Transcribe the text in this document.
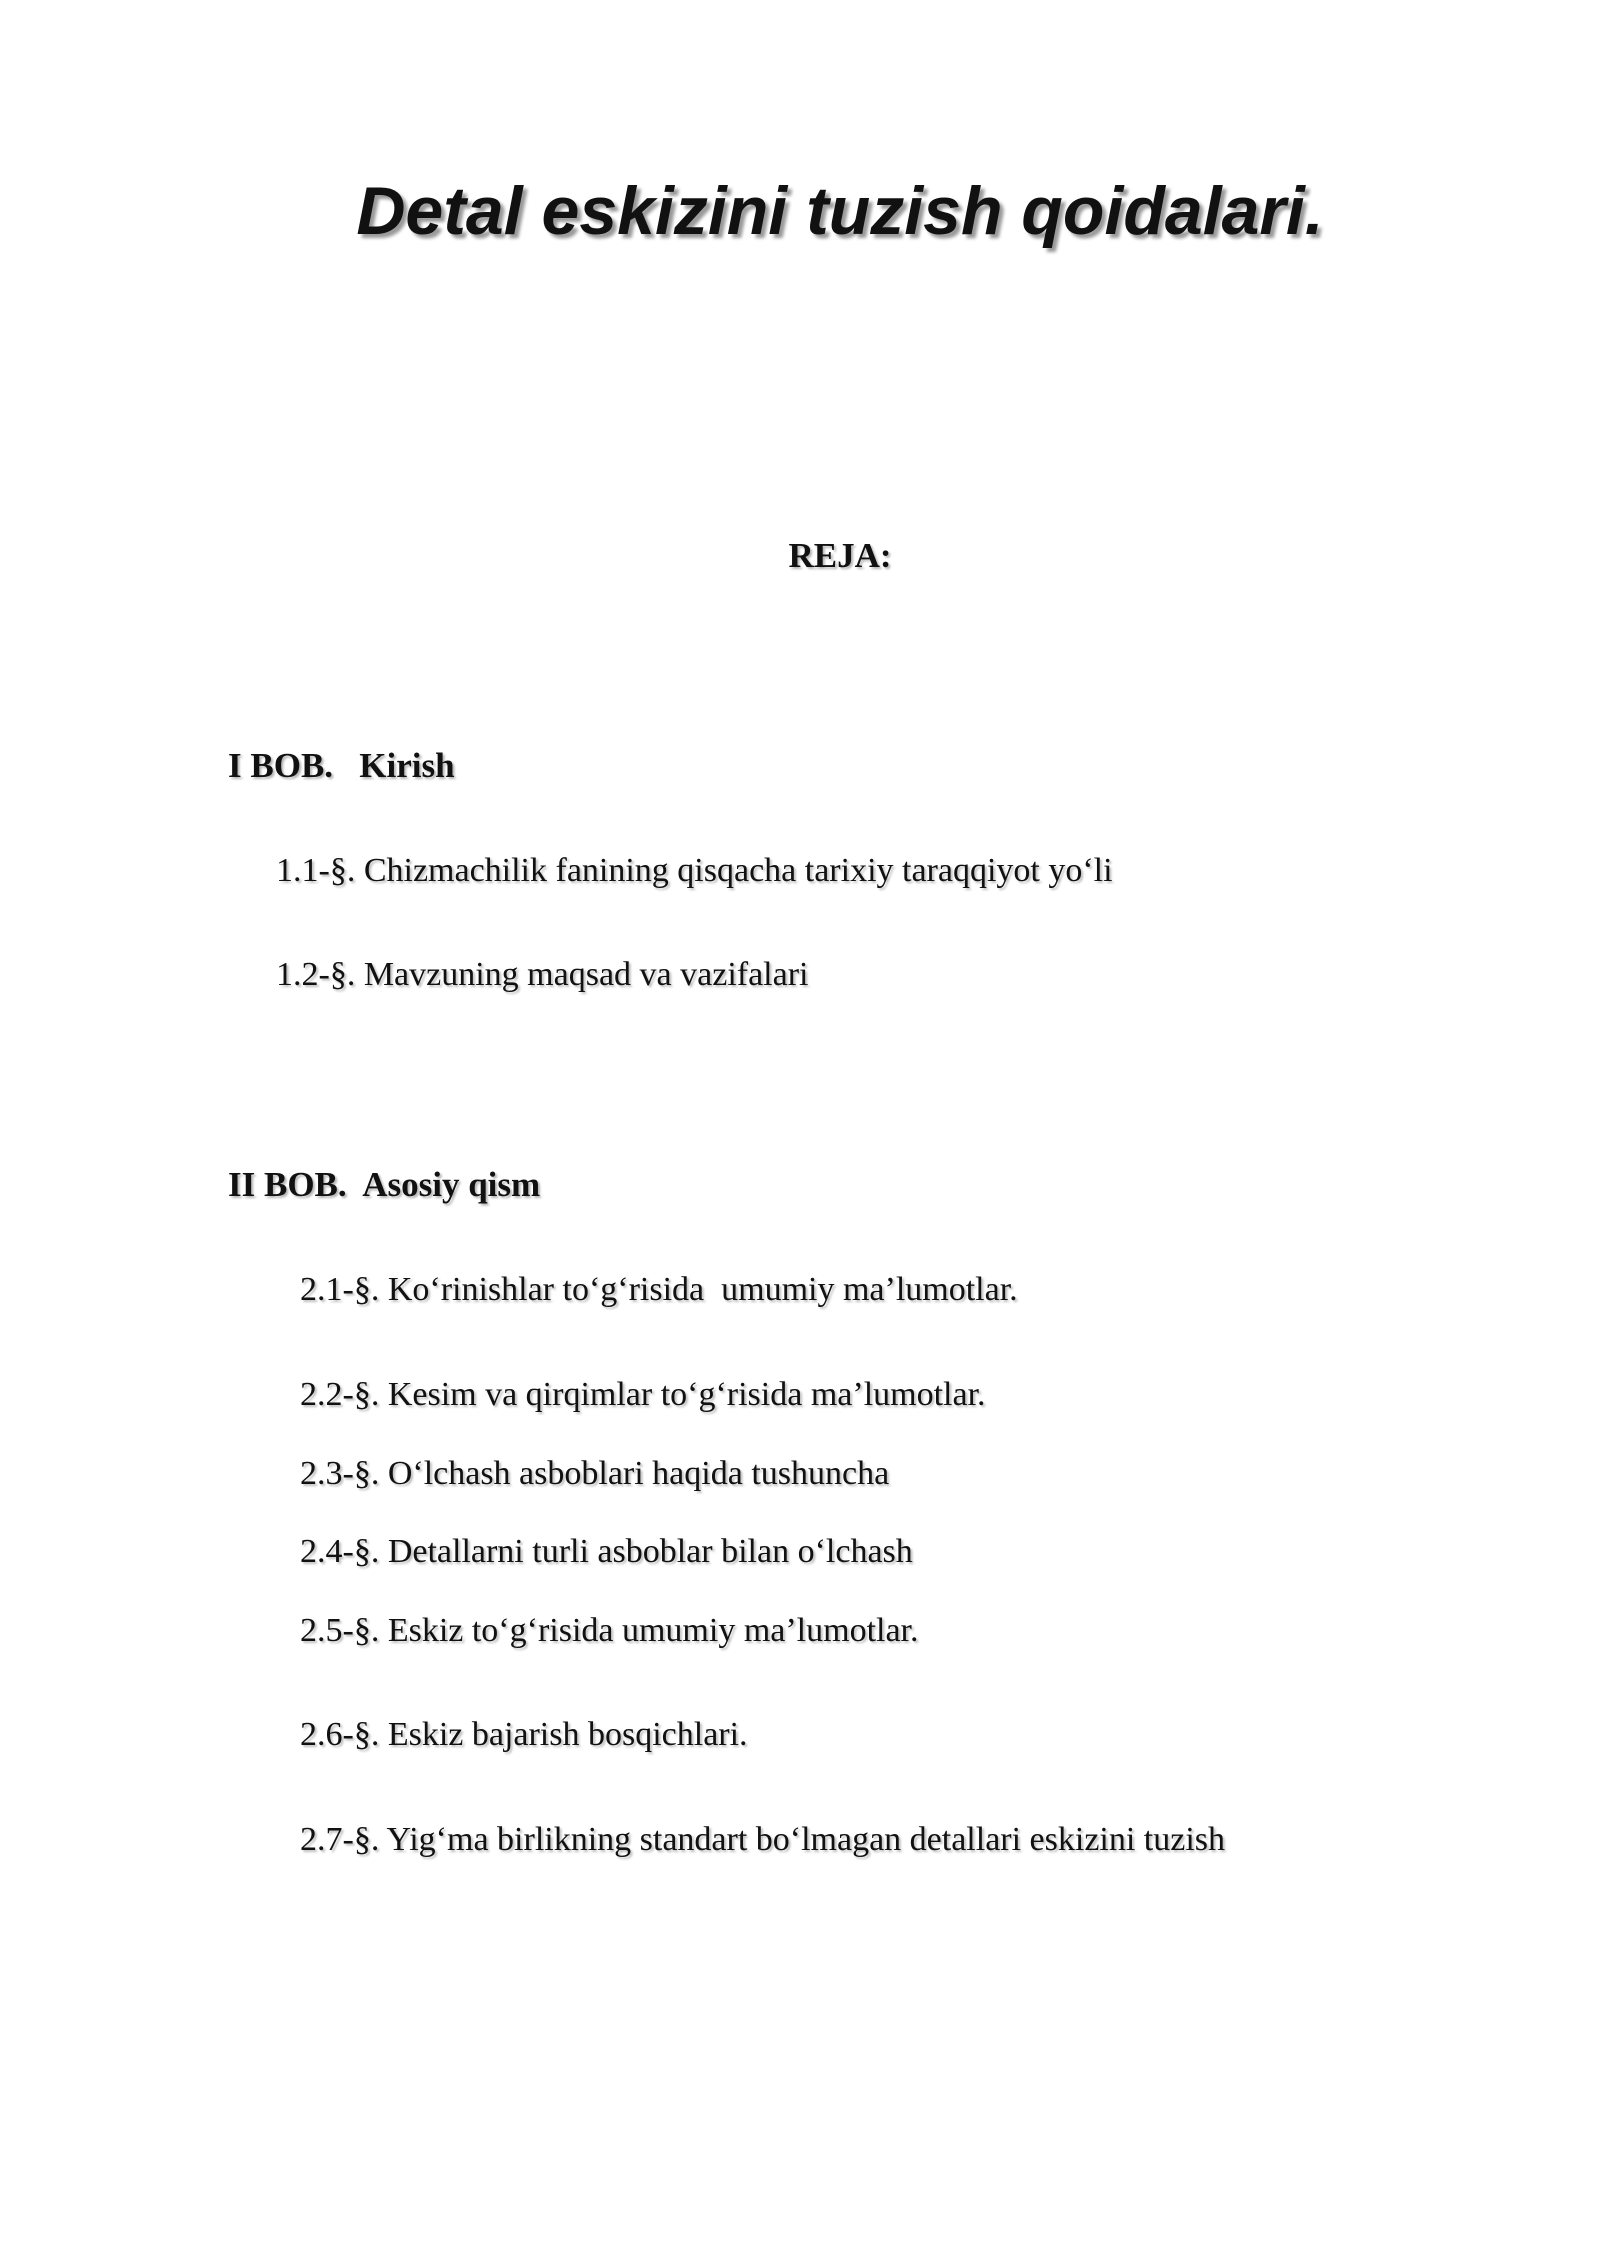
Detal eskizini tuzish qoidalari.
REJA:
I BOB.   Kirish
1.1-§. Chizmachilik fanining qisqacha tarixiy taraqqiyot yo‘li
1.2-§. Mavzuning maqsad va vazifalari
II BOB.  Asosiy qism
2.1-§. Ko‘rinishlar to‘g‘risida  umumiy ma’lumotlar.
2.2-§. Kesim va qirqimlar to‘g‘risida ma’lumotlar.
2.3-§. O‘lchash asboblari haqida tushuncha
2.4-§. Detallarni turli asboblar bilan o‘lchash
2.5-§. Eskiz to‘g‘risida umumiy ma’lumotlar.
2.6-§. Eskiz bajarish bosqichlari.
2.7-§. Yig‘ma birlikning standart bo‘lmagan detallari eskizini tuzish
